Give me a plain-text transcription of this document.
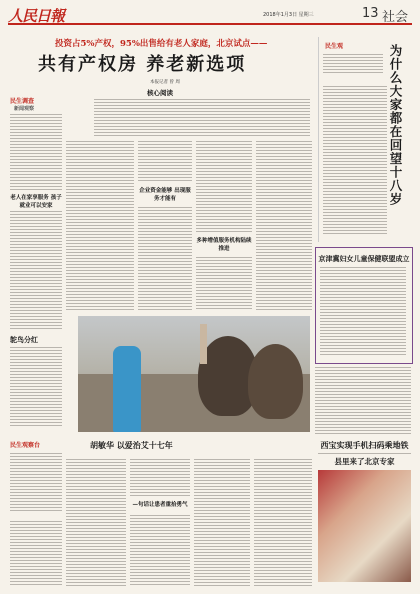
人民日報	2018年1月3日 星期三	13 社会
民生调查
新闻观察
老人在家享服务 孩子就业可以安家
鸵鸟分红
投资占5%产权，95%出售给有老人家庭，北京试点——
共有产权房 养老新选项
本报记者 曾 周
核心阅读
企业资金能够 出现服务才能有
多种增值服务机构陆续推进
民生观	为什么大家都在回望十八岁
京津冀妇女儿童保健联盟成立
西宝实现手机扫码乘地铁
县里来了北京专家
民生观察台	胡敏华 以爱治艾十七年
—句话让患者重拾勇气
